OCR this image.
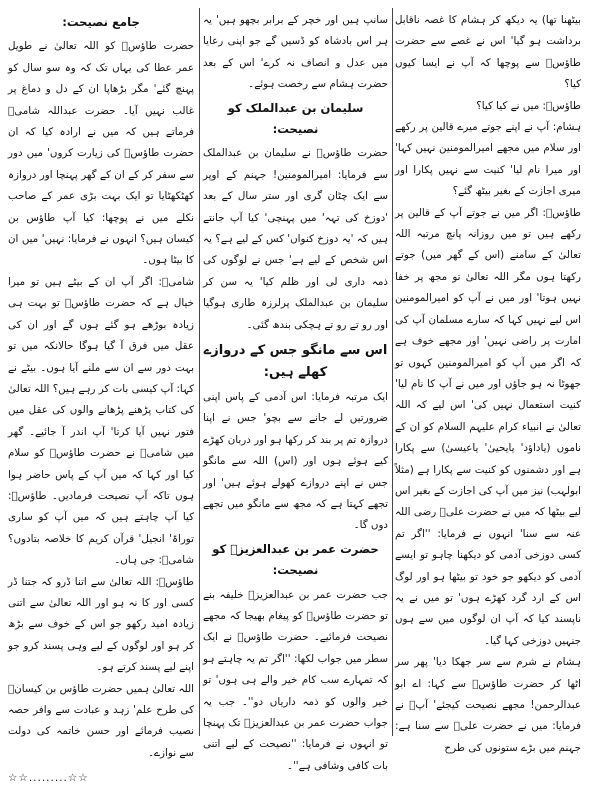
بیٹھنا تھا) یہ دیکھ کر ہشام کا غصہ ناقابل برداشت ہو گیا' اس نے غصے سے حضرت طاؤسؒ سے پوچھا کہ آپ نے ایسا کیوں کیا؟

طاؤسؒ: میں نے کیا کیا؟

ہشام: آپ نے اپنے جوتے میرے قالین پر رکھے اور سلام میں مجھے امیرالمومنین نہیں کہا' اور میرا نام لیا' کنیت سے نہیں پکارا اور میری اجازت کے بغیر بیٹھ گئے؟

طاؤسؒ: اگر میں نے جوتے آپ کے قالین پر رکھے ہیں تو میں روزانہ پانچ مرتبہ اللہ تعالیٰ کے سامنے (اس کے گھر میں) جوتے رکھتا ہوں مگر اللہ تعالیٰ تو مجھ پر خفا نہیں ہوتا' اور میں نے آپ کو امیرالمومنین اس لیے نہیں کہا کہ سارے مسلمان آپ کی امارت پر راضی نہیں' اور مجھے خوف ہے کہ اگر میں آپ کو امیرالمومنین کہوں تو جھوٹا نہ ہو جاؤں اور میں نے آپ کا نام لیا' کنیت استعمال نہیں کی' اس لیے کہ اللہ تعالیٰ نے انبیاء کرام علیہم السلام کو ان کے ناموں (یاداؤد' یایحییٰ' یاعیسیٰ) سے پکارا ہے اور دشمنوں کو کنیت سے پکارا ہے (مثلاً ابولہب) نیز میں آپ کی اجازت کے بغیر اس لیے بیٹھا کہ میں نے حضرت علیؓ رضی اللہ عنہ سے سنا' انہوں نے فرمایا: ''اگر تم کسی دوزخی آدمی کو دیکھنا چاہو تو ایسے آدمی کو دیکھو جو خود تو بیٹھا ہو اور لوگ اس کے ارد گرد کھڑے ہوں' تو میں نے یہ ناپسند کیا کہ آپ ان لوگوں میں سے ہوں جنہیں دوزخی کہا گیا۔

ہشام نے شرم سے سر جھکا دیا' پھر سر اٹھا کر حضرت طاؤسؒ سے کہا: اے ابو عبدالرحمن! مجھے نصیحت کیجئے' آپؒ نے فرمایا: میں نے حضرت علیؓ سے سنا ہے: جہنم میں بڑے ستونوں کی طرح

سانپ ہیں اور خچر کے برابر بچھو ہیں' یہ ہر اس بادشاہ کو ڈسیں گے جو اپنی رعایا میں عدل و انصاف نہ کرے' اس کے بعد حضرت ہشام سے رخصت ہوئے۔

سلیمان بن عبدالملک کو نصیحت:

حضرت طاؤسؒ نے سلیمان بن عبدالملک سے فرمایا: امیرالمومنین! جہنم کے اوپر سے ایک چٹان گری اور ستر سال کے بعد 'دوزخ کی تہہ' میں پہنچی' کیا آپ جانتے ہیں کہ 'یہ دوزخ کنواں' کس کے لیے ہے؟ یہ اس شخص کے لیے ہے' جس نے لوگوں کی ذمہ داری لی اور ظلم کیا' یہ سن کر سلیمان بن عبدالملک پرلرزہ طاری ہوگیا اور رو تے رو تے ہچکی بندھ گئی۔

اس سے مانگو جس کے دروازے کھلے ہیں:

ایک مرتبہ فرمایا: اس آدمی کے پاس اپنی ضرورتیں لے جانے سے بچو' جس نے اپنا دروازہ تم پر بند کر رکھا ہو اور دربان کھڑے کیے ہوئے ہوں اور (اس) اللہ سے مانگو جس نے اپنے دروازے کھولے ہوئے ہیں' اور تجھے کہتا ہے کہ مجھ سے مانگو میں تجھے دوں گا۔

حضرت عمر بن عبدالعزیزؒ کو نصیحت:

جب حضرت عمر بن عبدالعزیزؒ خلیفہ بنے تو حضرت طاؤسؒ کو پیغام بھیجا کہ مجھے نصیحت فرمائیے۔ حضرت طاؤسؒ نے ایک سطر میں جواب لکھا: ''اگر تم یہ چاہتے ہو کہ تمہارے سب کام خیر والے ہی ہوں' تو خیر والوں کو ذمہ داریاں دو''۔ جب یہ جواب حضرت عمر بن عبدالعزیزؒ تک پہنچا تو انہوں نے فرمایا: ''نصیحت کے لیے اتنی بات کافی وشافی ہے''۔

جامع نصیحت:

حضرت طاؤسؒ کو اللہ تعالیٰ نے طویل عمر عطا کی یہاں تک کہ وہ سو سال کو پہنچ گئے' مگر بڑھاپا ان کے دل و دماغ پر غالب نہیں آیا۔ حضرت عبداللہ شامیؒ فرماتے ہیں کہ میں نے ارادہ کیا کہ ان حضرت طاؤسؒ کی زیارت کروں' میں دور سے سفر کر کے ان کے گھر پہنچا اور دروازہ کھٹکھٹایا تو ایک بہت بڑی عمر کے صاحب نکلے میں نے پوچھا: کیا آپ طاؤس بن کیسان ہیں؟ انہوں نے فرمایا: نہیں' میں ان کا بیٹا ہوں۔

شامیؒ: اگر آپ ان کے بیٹے ہیں تو میرا خیال ہے کہ حضرت طاؤسؒ تو بہت ہی زیادہ بوڑھے ہو گئے ہوں گے اور ان کی عقل میں فرق آ گیا ہوگا حالانکہ میں تو بہت دور سے ان سے ملنے آیا ہوں۔ بیٹے نے کہا: آپ کیسی بات کر رہے ہیں؟ اللہ تعالیٰ کی کتاب پڑھنے پڑھانے والوں کی عقل میں فتور نہیں آیا کرتا' آپ اندر آ جائیے۔ گھر میں شامیؒ نے حضرت طاؤسؒ کو سلام کیا اور کہا کہ میں آپ کے پاس حاضر ہوا ہوں تاکہ آپ نصیحت فرمادیں۔ طاؤسؒ: کیا آپ چاہتے ہیں کہ میں آپ کو ساری توراۃ' انجیل' قرآن کریم کا خلاصہ بتادوں؟ شامیؒ: جی ہاں۔

طاؤسؒ: اللہ تعالیٰ سے اتنا ڈرو کہ جتنا ڈر کسی اور کا نہ ہو اور اللہ تعالیٰ سے اتنی زیادہ امید رکھو جو اس کے خوف سے بڑھ کر ہو اور لوگوں کے لیے وہی پسند کرو جو اپنے لیے پسند کرتے ہو۔

اللہ تعالیٰ ہمیں حضرت طاؤس بن کیسانؒ کی طرح علم' زہد و عبادت سے وافر حصہ نصیب فرمائے اور حسن خاتمہ کی دولت سے نوازے۔

☆☆.........☆☆
